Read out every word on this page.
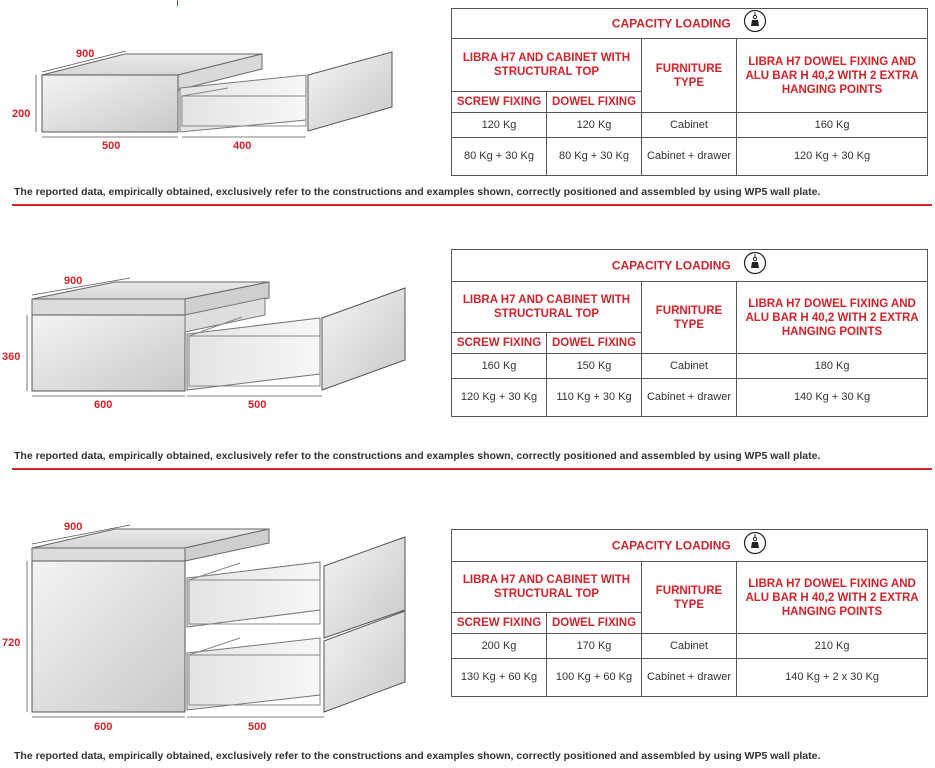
900
200
500	400
CAPACITY LOADING			
LIBRA H7 AND CABINET WITH STRUCTURAL TOP		FURNITURE TYPE	LIBRA H7 DOWEL FIXING AND ALU BAR H 40,2 WITH 2 EXTRA HANGING POINTS
SCREW FIXING	DOWEL FIXING		
120 Kg	120 Kg	Cabinet	160 Kg
80 Kg + 30 Kg	80 Kg + 30 Kg	Cabinet + drawer	120 Kg + 30 Kg
The reported data, empirically obtained, exclusively refer to the constructions and examples shown, correctly positioned and assembled by using WP5 wall plate.
900
360
600	500
CAPACITY LOADING			
LIBRA H7 AND CABINET WITH STRUCTURAL TOP		FURNITURE TYPE	LIBRA H7 DOWEL FIXING AND ALU BAR H 40,2 WITH 2 EXTRA HANGING POINTS
SCREW FIXING	DOWEL FIXING		
160 Kg	150 Kg	Cabinet	180 Kg
120 Kg + 30 Kg	110 Kg + 30 Kg	Cabinet + drawer	140 Kg + 30 Kg
The reported data, empirically obtained, exclusively refer to the constructions and examples shown, correctly positioned and assembled by using WP5 wall plate.
900
720
600	500
CAPACITY LOADING			
LIBRA H7 AND CABINET WITH STRUCTURAL TOP		FURNITURE TYPE	LIBRA H7 DOWEL FIXING AND ALU BAR H 40,2 WITH 2 EXTRA HANGING POINTS
SCREW FIXING	DOWEL FIXING		
200 Kg	170 Kg	Cabinet	210 Kg
130 Kg + 60 Kg	100 Kg + 60 Kg	Cabinet + drawer	140 Kg + 2 x 30 Kg
The reported data, empirically obtained, exclusively refer to the constructions and examples shown, correctly positioned and assembled by using WP5 wall plate.
